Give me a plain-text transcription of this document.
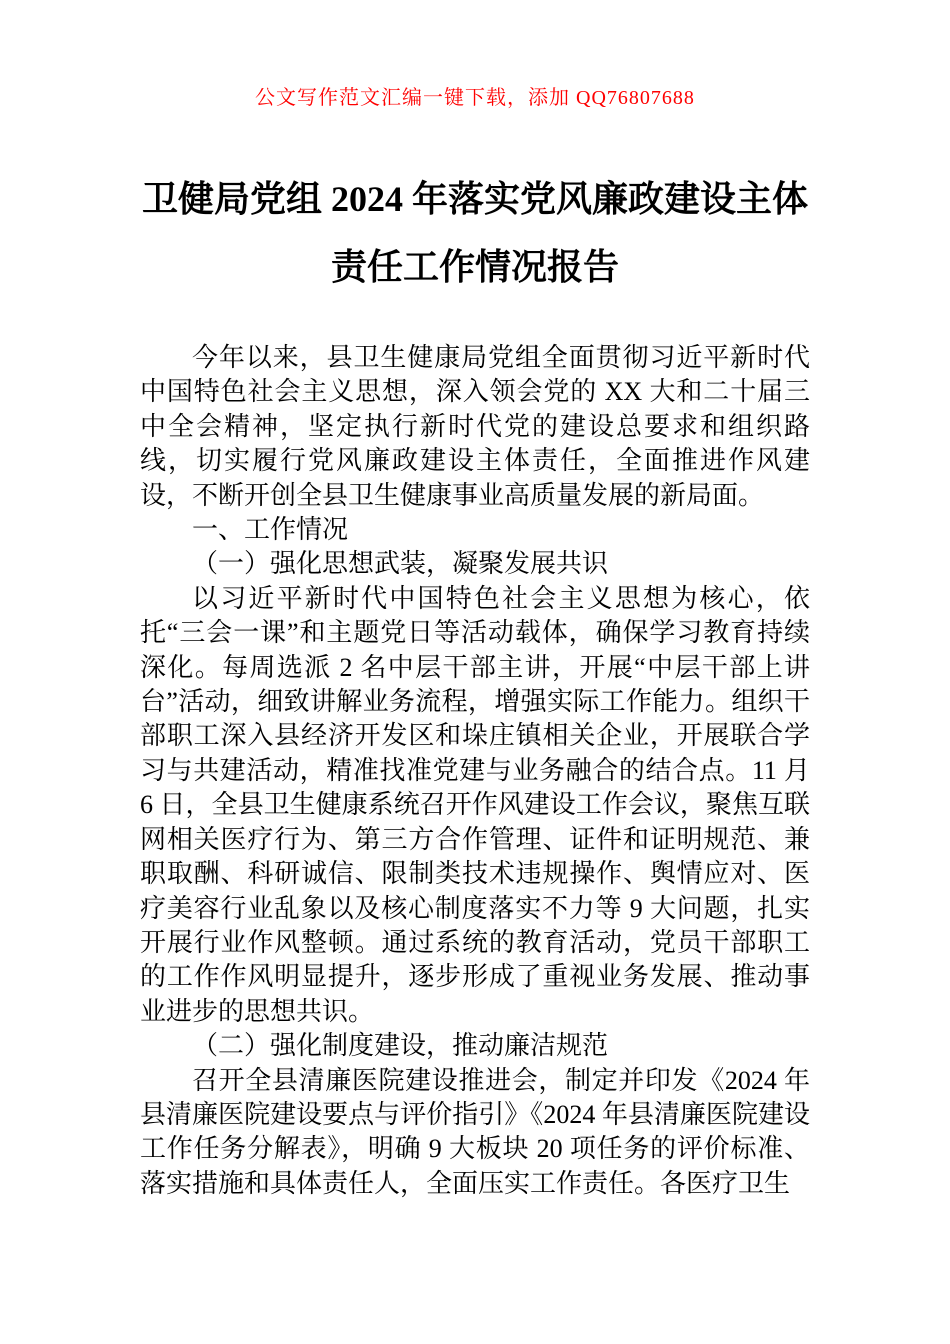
公文写作范文汇编一键下载，添加 QQ76807688
卫健局党组 2024 年落实党风廉政建设主体
责任工作情况报告

今年以来，县卫生健康局党组全面贯彻习近平新时代中国特色社会主义思想，深入领会党的 XX 大和二十届三中全会精神，坚定执行新时代党的建设总要求和组织路线，切实履行党风廉政建设主体责任，全面推进作风建设，不断开创全县卫生健康事业高质量发展的新局面。

一、工作情况

（一）强化思想武装，凝聚发展共识

以习近平新时代中国特色社会主义思想为核心，依托“三会一课”和主题党日等活动载体，确保学习教育持续深化。每周选派 2 名中层干部主讲，开展“中层干部上讲台”活动，细致讲解业务流程，增强实际工作能力。组织干部职工深入县经济开发区和垛庄镇相关企业，开展联合学习与共建活动，精准找准党建与业务融合的结合点。11 月 6 日，全县卫生健康系统召开作风建设工作会议，聚焦互联网相关医疗行为、第三方合作管理、证件和证明规范、兼职取酬、科研诚信、限制类技术违规操作、舆情应对、医疗美容行业乱象以及核心制度落实不力等 9 大问题，扎实开展行业作风整顿。通过系统的教育活动，党员干部职工的工作作风明显提升，逐步形成了重视业务发展、推动事业进步的思想共识。

（二）强化制度建设，推动廉洁规范

召开全县清廉医院建设推进会，制定并印发《2024 年县清廉医院建设要点与评价指引》《2024 年县清廉医院建设工作任务分解表》，明确 9 大板块 20 项任务的评价标准、落实措施和具体责任人，全面压实工作责任。各医疗卫生
